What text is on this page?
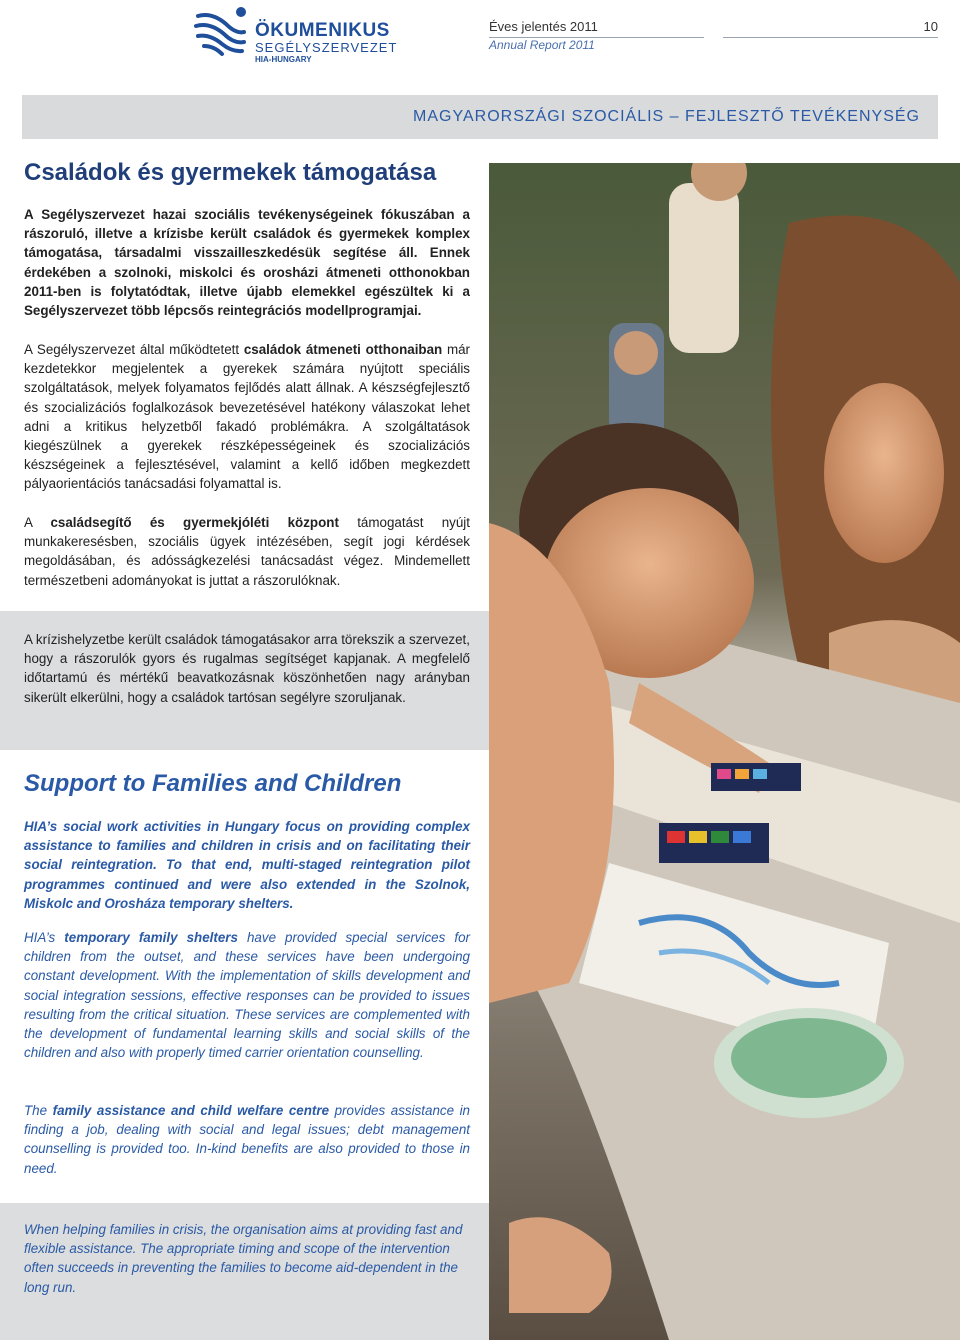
ÖKUMENIKUS
SEGÉLYSZERVEZET
HIA-HUNGARY
Éves jelentés 2011
Annual Report 2011
10
MAGYARORSZÁGI SZOCIÁLIS – FEJLESZTŐ TEVÉKENYSÉG
Családok és gyermekek támogatása

A Segélyszervezet hazai szociális tevékenységeinek fókuszában a rászoruló, illetve a krízisbe került családok és gyermekek komplex támogatása, társadalmi visszailleszkedésük segítése áll. Ennek érdekében a szolnoki, miskolci és orosházi átmeneti otthonokban 2011-ben is folytatódtak, illetve újabb elemekkel egészültek ki a Segélyszervezet több lépcsős reintegrációs modellprogramjai.

A Segélyszervezet által működtetett családok átmeneti otthonaiban már kezdetekkor megjelentek a gyerekek számára nyújtott speciális szolgáltatások, melyek folyamatos fejlődés alatt állnak. A készségfejlesztő és szocializációs foglalkozások bevezetésével hatékony válaszokat lehet adni a kritikus helyzetből fakadó problémákra. A szolgáltatások kiegészülnek a gyerekek részképességeinek és szocializációs készségeinek a fejlesztésével, valamint a kellő időben megkezdett pályaorientációs tanácsadási folyamattal is.

A családsegítő és gyermekjóléti központ támogatást nyújt munkakeresésben, szociális ügyek intézésében, segít jogi kérdések megoldásában, és adósságkezelési tanácsadást végez. Mindemellett természetbeni adományokat is juttat a rászorulóknak.

A krízishelyzetbe került családok támogatásakor arra törekszik a szervezet, hogy a rászorulók gyors és rugalmas segítséget kapjanak. A megfelelő időtartamú és mértékű beavatkozásnak köszönhetően nagy arányban sikerült elkerülni, hogy a családok tartósan segélyre szoruljanak.

Support to Families and Children

HIA’s social work activities in Hungary focus on providing complex assistance to families and children in crisis and on facilitating their social reintegration. To that end, multi-staged reintegration pilot programmes continued and were also extended in the Szolnok, Miskolc and Orosháza temporary shelters.

HIA’s temporary family shelters have provided special services for children from the outset, and these services have been undergoing constant development. With the implementation of skills development and social integration sessions, effective responses can be provided to issues resulting from the critical situation. These services are complemented with the development of fundamental learning skills and social skills of the children and also with properly timed carrier orientation counselling.

The family assistance and child welfare centre provides assistance in finding a job, dealing with social and legal issues; debt management counselling is provided too. In-kind benefits are also provided to those in need.

When helping families in crisis, the organisation aims at providing fast and flexible assistance. The appropriate timing and scope of the intervention often succeeds in preventing the families to become aid-dependent in the long run.
